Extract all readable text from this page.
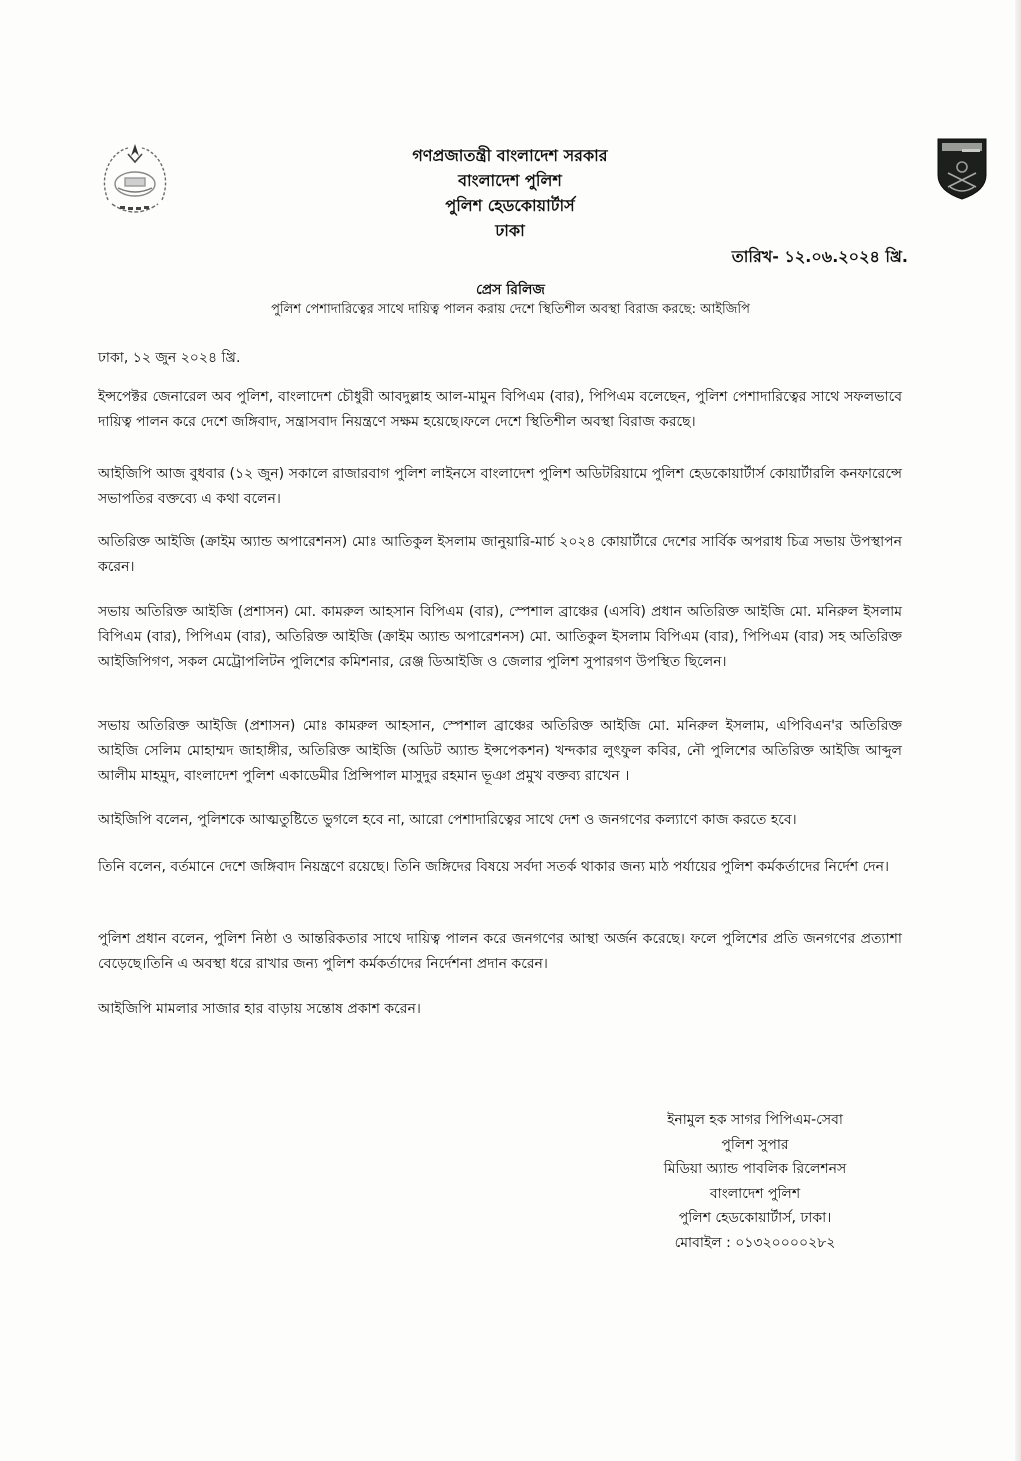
গণপ্রজাতন্ত্রী বাংলাদেশ সরকার
বাংলাদেশ পুলিশ
পুলিশ হেডকোয়ার্টার্স
ঢাকা
তারিখ- ১২.০৬.২০২৪ খ্রি.
প্রেস রিলিজ
পুলিশ পেশাদারিত্বের সাথে দায়িত্ব পালন করায় দেশে স্থিতিশীল অবস্থা বিরাজ করছে: আইজিপি
ঢাকা, ১২ জুন ২০২৪ খ্রি.
ইন্সপেক্টর জেনারেল অব পুলিশ, বাংলাদেশ চৌধুরী আবদুল্লাহ আল-মামুন বিপিএম (বার), পিপিএম বলেছেন, পুলিশ পেশাদারিত্বের সাথে সফলভাবে দায়িত্ব পালন করে দেশে জঙ্গিবাদ, সন্ত্রাসবাদ নিয়ন্ত্রণে সক্ষম হয়েছে।ফলে দেশে স্থিতিশীল অবস্থা বিরাজ করছে।
আইজিপি আজ বুধবার (১২ জুন) সকালে রাজারবাগ পুলিশ লাইনসে বাংলাদেশ পুলিশ অডিটরিয়ামে পুলিশ হেডকোয়ার্টার্স কোয়ার্টারলি কনফারেন্সে সভাপতির বক্তব্যে এ কথা বলেন।
অতিরিক্ত আইজি (ক্রাইম অ্যান্ড অপারেশনস) মোঃ আতিকুল ইসলাম জানুয়ারি-মার্চ ২০২৪ কোয়ার্টারে দেশের সার্বিক অপরাধ চিত্র সভায় উপস্থাপন করেন।
সভায় অতিরিক্ত আইজি (প্রশাসন) মো. কামরুল আহসান বিপিএম (বার), স্পেশাল ব্রাঞ্চের (এসবি) প্রধান অতিরিক্ত আইজি মো. মনিরুল ইসলাম বিপিএম (বার), পিপিএম (বার), অতিরিক্ত আইজি (ক্রাইম অ্যান্ড অপারেশনস) মো. আতিকুল ইসলাম বিপিএম (বার), পিপিএম (বার) সহ অতিরিক্ত আইজিপিগণ, সকল মেট্রোপলিটন পুলিশের কমিশনার, রেঞ্জ ডিআইজি ও জেলার পুলিশ সুপারগণ উপস্থিত ছিলেন।
সভায় অতিরিক্ত আইজি (প্রশাসন) মোঃ কামরুল আহসান, স্পেশাল ব্রাঞ্চের অতিরিক্ত আইজি মো. মনিরুল ইসলাম, এপিবিএন'র অতিরিক্ত আইজি সেলিম মোহাম্মদ জাহাঙ্গীর, অতিরিক্ত আইজি (অডিট অ্যান্ড ইন্সপেকশন) খন্দকার লুৎফুল কবির, নৌ পুলিশের অতিরিক্ত আইজি আব্দুল আলীম মাহমুদ, বাংলাদেশ পুলিশ একাডেমীর প্রিন্সিপাল মাসুদুর রহমান ভূঞা প্রমুখ বক্তব্য রাখেন ।
আইজিপি বলেন, পুলিশকে আত্মতুষ্টিতে ভুগলে হবে না, আরো পেশাদারিত্বের সাথে দেশ ও জনগণের কল্যাণে কাজ করতে হবে।
তিনি বলেন, বর্তমানে দেশে জঙ্গিবাদ নিয়ন্ত্রণে রয়েছে। তিনি জঙ্গিদের বিষয়ে সর্বদা সতর্ক থাকার জন্য মাঠ পর্যায়ের পুলিশ কর্মকর্তাদের নির্দেশ দেন।
পুলিশ প্রধান বলেন, পুলিশ নিষ্ঠা ও আন্তরিকতার সাথে দায়িত্ব পালন করে জনগণের আস্থা অর্জন করেছে। ফলে পুলিশের প্রতি জনগণের প্রত্যাশা বেড়েছে।তিনি এ অবস্থা ধরে রাখার জন্য পুলিশ কর্মকর্তাদের নির্দেশনা প্রদান করেন।
আইজিপি মামলার সাজার হার বাড়ায় সন্তোষ প্রকাশ করেন।
ইনামুল হক সাগর পিপিএম-সেবা
পুলিশ সুপার
মিডিয়া অ্যান্ড পাবলিক রিলেশনস
বাংলাদেশ পুলিশ
পুলিশ হেডকোয়ার্টার্স, ঢাকা।
মোবাইল : ০১৩২০০০০২৮২
